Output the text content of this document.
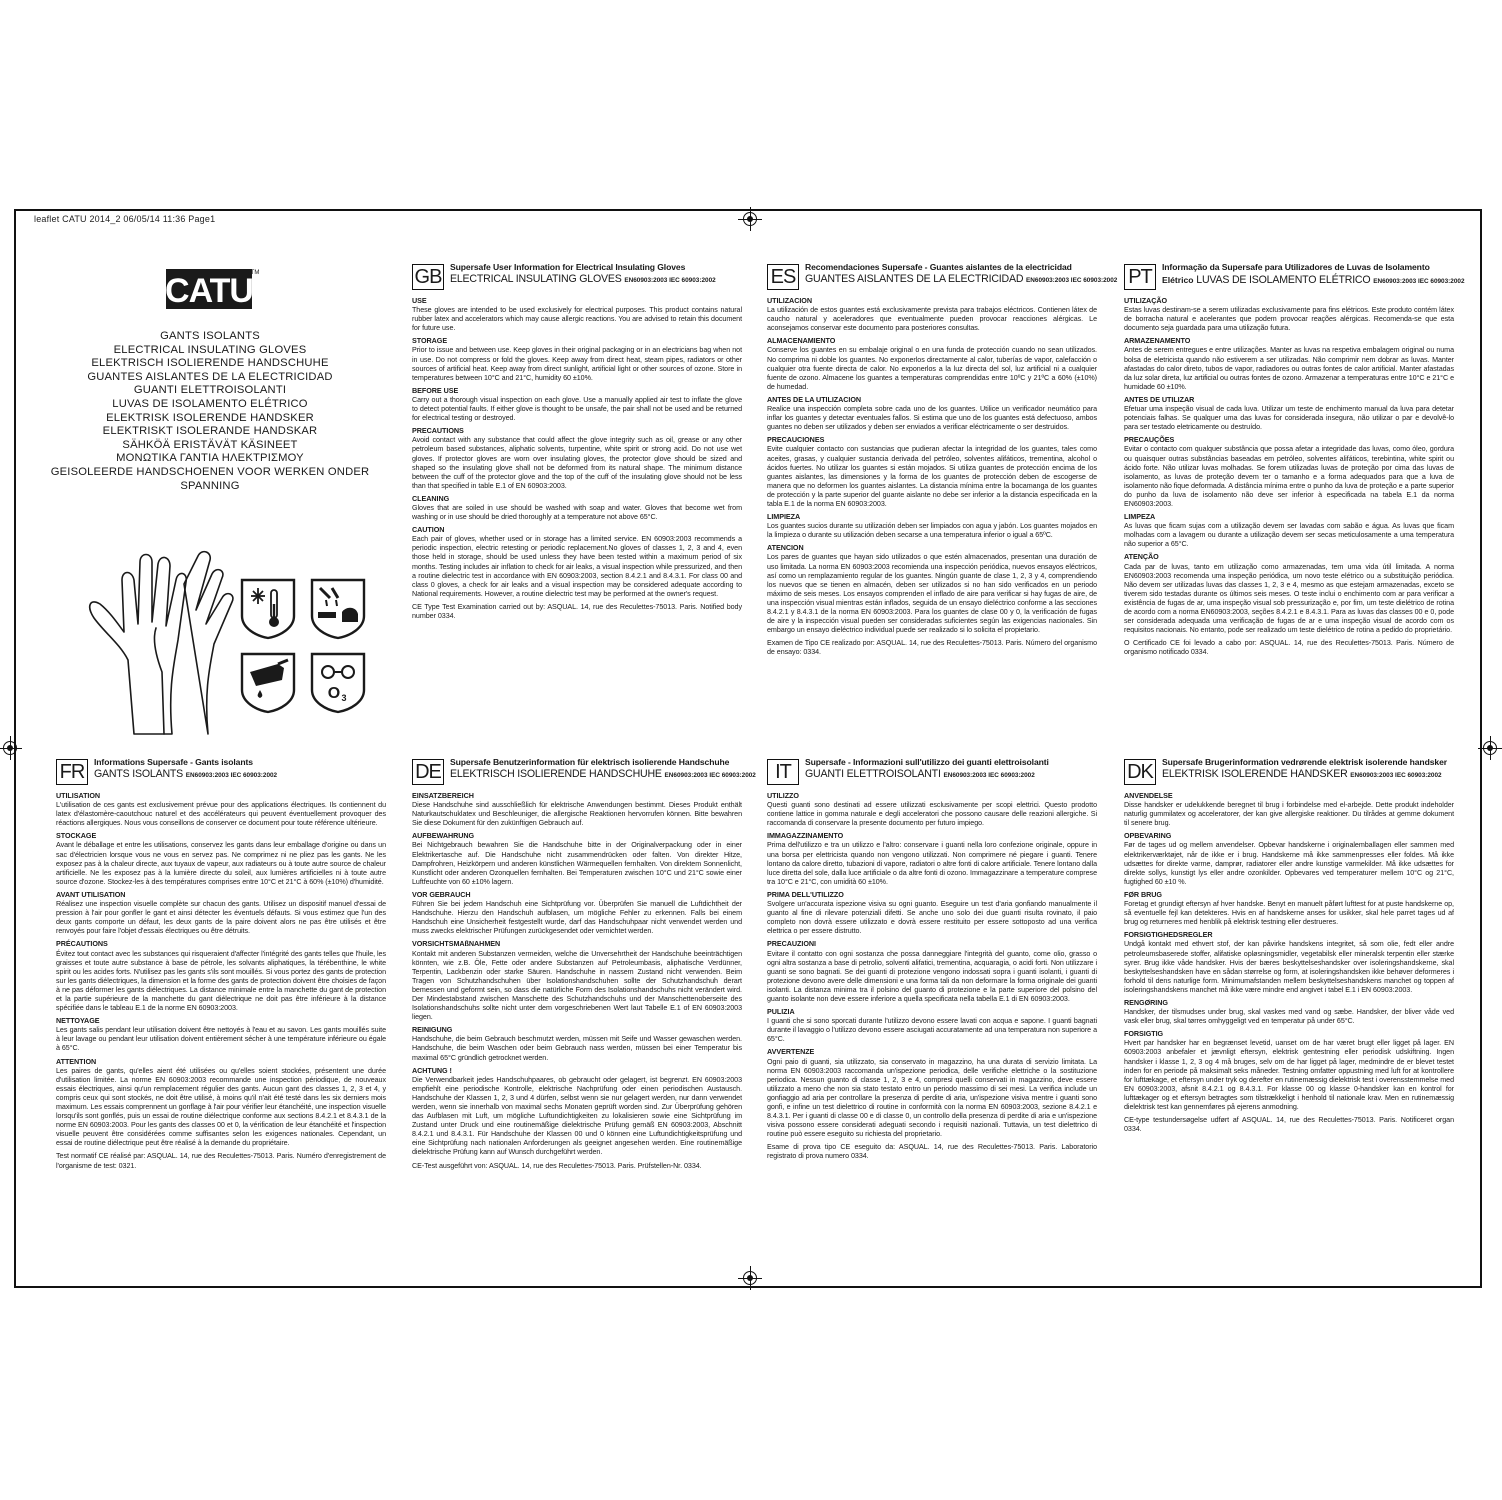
leaflet CATU 2014_2 06/05/14 11:36 Page1
CATU
TM
GANTS ISOLANTS
ELECTRICAL INSULATING GLOVES
ELEKTRISCH ISOLIERENDE HANDSCHUHE
GUANTES AISLANTES DE LA ELECTRICIDAD
GUANTI ELETTROISOLANTI
LUVAS DE ISOLAMENTO ELÉTRICO
ELEKTRISK ISOLERENDE HANDSKER
ELEKTRISKT ISOLERANDE HANDSKAR
SÄHKÖÄ ERISTÄVÄT KÄSINEET
ΜΟΝΩΤΙΚΑ ΓΑΝΤΙΑ ΗΛΕΚΤΡΙΣΜΟΥ
GEISOLEERDE HANDSCHOENEN VOOR WERKEN ONDER
SPANNING
O 3
GB Supersafe User Information for Electrical Insulating Gloves
ELECTRICAL INSULATING GLOVES EN60903:2003 IEC 60903:2002
USE

These gloves are intended to be used exclusively for electrical purposes. This product contains natural rubber latex and accelerators which may cause allergic reactions. You are advised to retain this document for future use.

STORAGE

Prior to issue and between use. Keep gloves in their original packaging or in an electricians bag when not in use. Do not compress or fold the gloves. Keep away from direct heat, steam pipes, radiators or other sources of artificial heat. Keep away from direct sunlight, artificial light or other sources of ozone. Store in temperatures between 10°C and 21°C, humidity 60 ±10%.

BEFORE USE

Carry out a thorough visual inspection on each glove. Use a manually applied air test to inflate the glove to detect potential faults. If either glove is thought to be unsafe, the pair shall not be used and be returned for electrical testing or destroyed.

PRECAUTIONS

Avoid contact with any substance that could affect the glove integrity such as oil, grease or any other petroleum based substances, aliphatic solvents, turpentine, white spirit or strong acid. Do not use wet gloves. If protector gloves are worn over insulating gloves, the protector glove should be sized and shaped so the insulating glove shall not be deformed from its natural shape. The minimum distance between the cuff of the protector glove and the top of the cuff of the insulating glove should not be less than that specified in table E.1 of EN 60903:2003.

CLEANING

Gloves that are soiled in use should be washed with soap and water. Gloves that become wet from washing or in use should be dried thoroughly at a temperature not above 65°C.

CAUTION

Each pair of gloves, whether used or in storage has a limited service. EN 60903:2003 recommends a periodic inspection, electric retesting or periodic replacement.No gloves of classes 1, 2, 3 and 4, even those held in storage, should be used unless they have been tested within a maximum period of six months. Testing includes air inflation to check for air leaks, a visual inspection while pressurized, and then a routine dielectric test in accordance with EN 60903:2003, section 8.4.2.1 and 8.4.3.1. For class 00 and class 0 gloves, a check for air leaks and a visual inspection may be considered adequate according to National requirements. However, a routine dielectric test may be performed at the owner's request.

CE Type Test Examination carried out by: ASQUAL. 14, rue des Reculettes-75013. Paris. Notified body number 0334.

ES	Recomendaciones Supersafe - Guantes aislantes de la electricidad
GUANTES AISLANTES DE LA ELECTRICIDAD EN60903:2003 IEC 60903:2002
UTILIZACION

La utilización de estos guantes está exclusivamente prevista para trabajos eléctricos. Contienen látex de caucho natural y aceleradores que eventualmente pueden provocar reacciones alérgicas. Le aconsejamos conservar este documento para posteriores consultas.

ALMACENAMIENTO

Conserve los guantes en su embalaje original o en una funda de protección cuando no sean utilizados. No comprima ni doble los guantes. No exponerlos directamente al calor, tuberías de vapor, calefacción o cualquier otra fuente directa de calor. No exponerlos a la luz directa del sol, luz artificial ni a cualquier fuente de ozono. Almacene los guantes a temperaturas comprendidas entre 10ºC y 21ºC a 60% (±10%) de humedad.

ANTES DE LA UTILIZACION

Realice una inspección completa sobre cada uno de los guantes. Utilice un verificador neumático para inflar los guantes y detectar eventuales fallos. Si estima que uno de los guantes está defectuoso, ambos guantes no deben ser utilizados y deben ser enviados a verificar eléctricamente o ser destruidos.

PRECAUCIONES

Evite cualquier contacto con sustancias que pudieran afectar la integridad de los guantes, tales como aceites, grasas, y cualquier sustancia derivada del petróleo, solventes alifáticos, trementina, alcohol o ácidos fuertes. No utilizar los guantes si están mojados. Si utiliza guantes de protección encima de los guantes aislantes, las dimensiones y la forma de los guantes de protección deben de escogerse de manera que no deformen los guantes aislantes. La distancia mínima entre la bocamanga de los guantes de protección y la parte superior del guante aislante no debe ser inferior a la distancia especificada en la tabla E.1 de la norma EN 60903:2003.

LIMPIEZA

Los guantes sucios durante su utilización deben ser limpiados con agua y jabón. Los guantes mojados en la limpieza o durante su utilización deben secarse a una temperatura inferior o igual a 65ºC.

ATENCION

Los pares de guantes que hayan sido utilizados o que estén almacenados, presentan una duración de uso limitada. La norma EN 60903:2003 recomienda una inspección periódica, nuevos ensayos eléctricos, así como un remplazamiento regular de los guantes. Ningún guante de clase 1, 2, 3 y 4, comprendiendo los nuevos que se tienen en almacén, deben ser utilizados si no han sido verificados en un periodo máximo de seis meses. Los ensayos comprenden el inflado de aire para verificar si hay fugas de aire, de una inspección visual mientras están inflados, seguida de un ensayo dieléctrico conforme a las secciones 8.4.2.1 y 8.4.3.1 de la norma EN 60903:2003. Para los guantes de clase 00 y 0, la verificación de fugas de aire y la inspección visual pueden ser consideradas suficientes según las exigencias nacionales. Sin embargo un ensayo dieléctrico individual puede ser realizado si lo solicita el propietario.

Examen de Tipo CE realizado por: ASQUAL. 14, rue des Reculettes-75013. Paris. Número del organismo de ensayo: 0334.

PT	Informação da Supersafe para Utilizadores de Luvas de Isolamento
Elétrico LUVAS DE ISOLAMENTO ELÉTRICO EN60903:2003 IEC 60903:2002
UTILIZAÇÃO

Estas luvas destinam-se a serem utilizadas exclusivamente para fins elétricos. Este produto contém látex de borracha natural e acelerantes que podem provocar reações alérgicas. Recomenda-se que esta documento seja guardada para uma utilização futura.

ARMAZENAMENTO

Antes de serem entregues e entre utilizações. Manter as luvas na respetiva embalagem original ou numa bolsa de eletricista quando não estiverem a ser utilizadas. Não comprimir nem dobrar as luvas. Manter afastadas do calor direto, tubos de vapor, radiadores ou outras fontes de calor artificial. Manter afastadas da luz solar direta, luz artificial ou outras fontes de ozono. Armazenar a temperaturas entre 10°C e 21°C e humidade 60 ±10%.

ANTES DE UTILIZAR

Efetuar uma inspeção visual de cada luva. Utilizar um teste de enchimento manual da luva para detetar potenciais falhas. Se qualquer uma das luvas for considerada insegura, não utilizar o par e devolvê-lo para ser testado eletricamente ou destruído.

PRECAUÇÕES

Evitar o contacto com qualquer substância que possa afetar a integridade das luvas, como óleo, gordura ou quaisquer outras substâncias baseadas em petróleo, solventes alifáticos, terebintina, white spirit ou ácido forte. Não utilizar luvas molhadas. Se forem utilizadas luvas de proteção por cima das luvas de isolamento, as luvas de proteção devem ter o tamanho e a forma adequados para que a luva de isolamento não fique deformada. A distância mínima entre o punho da luva de proteção e a parte superior do punho da luva de isolamento não deve ser inferior à especificada na tabela E.1 da norma EN60903:2003.

LIMPEZA

As luvas que ficam sujas com a utilização devem ser lavadas com sabão e água. As luvas que ficam molhadas com a lavagem ou durante a utilização devem ser secas meticulosamente a uma temperatura não superior a 65°C.

ATENÇÃO

Cada par de luvas, tanto em utilização como armazenadas, tem uma vida útil limitada. A norma EN60903:2003 recomenda uma inspeção periódica, um novo teste elétrico ou a substituição periódica. Não devem ser utilizadas luvas das classes 1, 2, 3 e 4, mesmo as que estejam armazenadas, exceto se tiverem sido testadas durante os últimos seis meses. O teste inclui o enchimento com ar para verificar a existência de fugas de ar, uma inspeção visual sob pressurização e, por fim, um teste dielétrico de rotina de acordo com a norma EN60903:2003, seções 8.4.2.1 e 8.4.3.1. Para as luvas das classes 00 e 0, pode ser considerada adequada uma verificação de fugas de ar e uma inspeção visual de acordo com os requisitos nacionais. No entanto, pode ser realizado um teste dielétrico de rotina a pedido do proprietário.

O Certificado CE foi levado a cabo por: ASQUAL. 14, rue des Reculettes-75013. Paris. Número de organismo notificado 0334.

FR	Informations Supersafe - Gants isolants
GANTS ISOLANTS EN60903:2003 IEC 60903:2002
UTILISATION

L'utilisation de ces gants est exclusivement prévue pour des applications électriques. Ils contiennent du latex d'élastomère-caoutchouc naturel et des accélérateurs qui peuvent éventuellement provoquer des réactions allergiques. Nous vous conseillons de conserver ce document pour toute référence ultérieure.

STOCKAGE

Avant le déballage et entre les utilisations, conservez les gants dans leur emballage d'origine ou dans un sac d'électricien lorsque vous ne vous en servez pas. Ne comprimez ni ne pliez pas les gants. Ne les exposez pas à la chaleur directe, aux tuyaux de vapeur, aux radiateurs ou à toute autre source de chaleur artificielle. Ne les exposez pas à la lumière directe du soleil, aux lumières artificielles ni à toute autre source d'ozone. Stockez-les à des températures comprises entre 10°C et 21°C à 60% (±10%) d'humidité.

AVANT UTILISATION

Réalisez une inspection visuelle complète sur chacun des gants. Utilisez un dispositif manuel d'essai de pression à l'air pour gonfler le gant et ainsi détecter les éventuels défauts. Si vous estimez que l'un des deux gants comporte un défaut, les deux gants de la paire doivent alors ne pas être utilisés et être renvoyés pour faire l'objet d'essais électriques ou être détruits.

PRÉCAUTIONS

Évitez tout contact avec les substances qui risqueraient d'affecter l'intégrité des gants telles que l'huile, les graisses et toute autre substance à base de pétrole, les solvants aliphatiques, la térébenthine, le white spirit ou les acides forts. N'utilisez pas les gants s'ils sont mouillés. Si vous portez des gants de protection sur les gants diélectriques, la dimension et la forme des gants de protection doivent être choisies de façon à ne pas déformer les gants diélectriques. La distance minimale entre la manchette du gant de protection et la partie supérieure de la manchette du gant diélectrique ne doit pas être inférieure à la distance spécifiée dans le tableau E.1 de la norme EN 60903:2003.

NETTOYAGE

Les gants salis pendant leur utilisation doivent être nettoyés à l'eau et au savon. Les gants mouillés suite à leur lavage ou pendant leur utilisation doivent entièrement sécher à une température inférieure ou égale à 65°C.

ATTENTION

Les paires de gants, qu'elles aient été utilisées ou qu'elles soient stockées, présentent une durée d'utilisation limitée. La norme EN 60903:2003 recommande une inspection périodique, de nouveaux essais électriques, ainsi qu'un remplacement régulier des gants. Aucun gant des classes 1, 2, 3 et 4, y compris ceux qui sont stockés, ne doit être utilisé, à moins qu'il n'ait été testé dans les six derniers mois maximum. Les essais comprennent un gonflage à l'air pour vérifier leur étanchéité, une inspection visuelle lorsqu'ils sont gonflés, puis un essai de routine diélectrique conforme aux sections 8.4.2.1 et 8.4.3.1 de la norme EN 60903:2003. Pour les gants des classes 00 et 0, la vérification de leur étanchéité et l'inspection visuelle peuvent être considérées comme suffisantes selon les exigences nationales. Cependant, un essai de routine diélectrique peut être réalisé à la demande du propriétaire.

Test normatif CE réalisé par: ASQUAL. 14, rue des Reculettes-75013. Paris. Numéro d'enregistrement de l'organisme de test: 0321.

DE	Supersafe Benutzerinformation für elektrisch isolierende Handschuhe
ELEKTRISCH ISOLIERENDE HANDSCHUHE EN60903:2003 IEC 60903:2002
EINSATZBEREICH

Diese Handschuhe sind ausschließlich für elektrische Anwendungen bestimmt. Dieses Produkt enthält Naturkautschuklatex und Beschleuniger, die allergische Reaktionen hervorrufen können. Bitte bewahren Sie diese Dokument für den zukünftigen Gebrauch auf.

AUFBEWAHRUNG

Bei Nichtgebrauch bewahren Sie die Handschuhe bitte in der Originalverpackung oder in einer Elektrikertasche auf. Die Handschuhe nicht zusammendrücken oder falten. Von direkter Hitze, Dampfrohren, Heizkörpern und anderen künstlichen Wärmequellen fernhalten. Von direktem Sonnenlicht, Kunstlicht oder anderen Ozonquellen fernhalten. Bei Temperaturen zwischen 10°C und 21°C sowie einer Luftfeuchte von 60 ±10% lagern.

VOR GEBRAUCH

Führen Sie bei jedem Handschuh eine Sichtprüfung vor. Überprüfen Sie manuell die Luftdichtheit der Handschuhe. Hierzu den Handschuh aufblasen, um mögliche Fehler zu erkennen. Falls bei einem Handschuh eine Unsicherheit festgestellt wurde, darf das Handschuhpaar nicht verwendet werden und muss zwecks elektrischer Prüfungen zurückgesendet oder vernichtet werden.

VORSICHTSMAßNAHMEN

Kontakt mit anderen Substanzen vermeiden, welche die Unversehrtheit der Handschuhe beeinträchtigen könnten, wie z.B. Öle, Fette oder andere Substanzen auf Petroleumbasis, aliphatische Verdünner, Terpentin, Lackbenzin oder starke Säuren. Handschuhe in nassem Zustand nicht verwenden. Beim Tragen von Schutzhandschuhen über Isolationshandschuhen sollte der Schutzhandschuh derart bemessen und geformt sein, so dass die natürliche Form des Isolationshandschuhs nicht verändert wird. Der Mindestabstand zwischen Manschette des Schutzhandschuhs und der Manschettenoberseite des Isolationshandschuhs sollte nicht unter dem vorgeschriebenen Wert laut Tabelle E.1 of EN 60903:2003 liegen.

REINIGUNG

Handschuhe, die beim Gebrauch beschmutzt werden, müssen mit Seife und Wasser gewaschen werden. Handschuhe, die beim Waschen oder beim Gebrauch nass werden, müssen bei einer Temperatur bis maximal 65°C gründlich getrocknet werden.

ACHTUNG !

Die Verwendbarkeit jedes Handschuhpaares, ob gebraucht oder gelagert, ist begrenzt. EN 60903:2003 empfiehlt eine periodische Kontrolle, elektrische Nachprüfung oder einen periodischen Austausch. Handschuhe der Klassen 1, 2, 3 und 4 dürfen, selbst wenn sie nur gelagert werden, nur dann verwendet werden, wenn sie innerhalb von maximal sechs Monaten geprüft worden sind. Zur Überprüfung gehören das Aufblasen mit Luft, um mögliche Luftundichtigkeiten zu lokalisieren sowie eine Sichtprüfung im Zustand unter Druck und eine routinemäßige dielektrische Prüfung gemäß EN 60903:2003, Abschnitt 8.4.2.1 und 8.4.3.1. Für Handschuhe der Klassen 00 und 0 können eine Luftundichtigkeitsprüfung und eine Sichtprüfung nach nationalen Anforderungen als geeignet angesehen werden. Eine routinemäßige dielektrische Prüfung kann auf Wunsch durchgeführt werden.

CE-Test ausgeführt von: ASQUAL. 14, rue des Reculettes-75013. Paris. Prüfstellen-Nr. 0334.

IT	Supersafe - Informazioni sull'utilizzo dei guanti elettroisolanti
GUANTI ELETTROISOLANTI EN60903:2003 IEC 60903:2002
UTILIZZO

Questi guanti sono destinati ad essere utilizzati esclusivamente per scopi elettrici. Questo prodotto contiene lattice in gomma naturale e degli acceleratori che possono causare delle reazioni allergiche. Si raccomanda di conservare la presente documento per futuro impiego.

IMMAGAZZINAMENTO

Prima dell'utilizzo e tra un utilizzo e l'altro: conservare i guanti nella loro confezione originale, oppure in una borsa per elettricista quando non vengono utilizzati. Non comprimere né piegare i guanti. Tenere lontano da calore diretto, tubazioni di vapore, radiatori o altre fonti di calore artificiale. Tenere lontano dalla luce diretta del sole, dalla luce artificiale o da altre fonti di ozono. Immagazzinare a temperature comprese tra 10°C e 21°C, con umidità 60 ±10%.

PRIMA DELL'UTILIZZO

Svolgere un'accurata ispezione visiva su ogni guanto. Eseguire un test d'aria gonfiando manualmente il guanto al fine di rilevare potenziali difetti. Se anche uno solo dei due guanti risulta rovinato, il paio completo non dovrà essere utilizzato e dovrà essere restituito per essere sottoposto ad una verifica elettrica o per essere distrutto.

PRECAUZIONI

Evitare il contatto con ogni sostanza che possa danneggiare l'integrità del guanto, come olio, grasso o ogni altra sostanza a base di petrolio, solventi alifatici, trementina, acquaragia, o acidi forti. Non utilizzare i guanti se sono bagnati. Se dei guanti di protezione vengono indossati sopra i guanti isolanti, i guanti di protezione devono avere delle dimensioni e una forma tali da non deformare la forma originale dei guanti isolanti. La distanza minima tra il polsino del guanto di protezione e la parte superiore del polsino del guanto isolante non deve essere inferiore a quella specificata nella tabella E.1 di EN 60903:2003.

PULIZIA

I guanti che si sono sporcati durante l'utilizzo devono essere lavati con acqua e sapone. I guanti bagnati durante il lavaggio o l'utilizzo devono essere asciugati accuratamente ad una temperatura non superiore a 65°C.

AVVERTENZE

Ogni paio di guanti, sia utilizzato, sia conservato in magazzino, ha una durata di servizio limitata. La norma EN 60903:2003 raccomanda un'ispezione periodica, delle verifiche elettriche o la sostituzione periodica. Nessun guanto di classe 1, 2, 3 e 4, compresi quelli conservati in magazzino, deve essere utilizzato a meno che non sia stato testato entro un periodo massimo di sei mesi. La verifica include un gonfiaggio ad aria per controllare la presenza di perdite di aria, un'ispezione visiva mentre i guanti sono gonfi, e infine un test dielettrico di routine in conformità con la norma EN 60903:2003, sezione 8.4.2.1 e 8.4.3.1. Per i guanti di classe 00 e di classe 0, un controllo della presenza di perdite di aria e un'ispezione visiva possono essere considerati adeguati secondo i requisiti nazionali. Tuttavia, un test dielettrico di routine può essere eseguito su richiesta del proprietario.

Esame di prova tipo CE eseguito da: ASQUAL. 14, rue des Reculettes-75013. Paris. Laboratorio registrato di prova numero 0334.

DK	Supersafe Brugerinformation vedrørende elektrisk isolerende handsker
ELEKTRISK ISOLERENDE HANDSKER EN60903:2003 IEC 60903:2002
ANVENDELSE

Disse handsker er udelukkende beregnet til brug i forbindelse med el-arbejde. Dette produkt indeholder naturlig gummilatex og acceleratorer, der kan give allergiske reaktioner. Du tilrådes at gemme dokument til senere brug.

OPBEVARING

Før de tages ud og mellem anvendelser. Opbevar handskerne i originalemballagen eller sammen med elektrikerværktøjet, når de ikke er i brug. Handskerne må ikke sammenpresses eller foldes. Må ikke udsættes for direkte varme, damprør, radiatorer eller andre kunstige varmekilder. Må ikke udsættes for direkte sollys, kunstigt lys eller andre ozonkilder. Opbevares ved temperaturer mellem 10°C og 21°C, fugtighed 60 ±10 %.

FØR BRUG

Foretag et grundigt eftersyn af hver handske. Benyt en manuelt påført lufttest for at puste handskerne op, så eventuelle fejl kan detekteres. Hvis en af handskerne anses for usikker, skal hele parret tages ud af brug og returneres med henblik på elektrisk testning eller destrueres.

FORSIGTIGHEDSREGLER

Undgå kontakt med ethvert stof, der kan påvirke handskens integritet, så som olie, fedt eller andre petroleumsbaserede stoffer, alifatiske opløsningsmidler, vegetabilsk eller mineralsk terpentin eller stærke syrer. Brug ikke våde handsker. Hvis der bæres beskyttelseshandsker over isoleringshandskerne, skal beskyttelseshandsken have en sådan størrelse og form, at isoleringshandsken ikke behøver deformeres i forhold til dens naturlige form. Minimumafstanden mellem beskyttelseshandskens manchet og toppen af isoleringshandskens manchet må ikke være mindre end angivet i tabel E.1 i EN 60903:2003.

RENGØRING

Handsker, der tilsmudses under brug, skal vaskes med vand og sæbe. Handsker, der bliver våde ved vask eller brug, skal tørres omhyggeligt ved en temperatur på under 65°C.

FORSIGTIG

Hvert par handsker har en begrænset levetid, uanset om de har været brugt eller ligget på lager. EN 60903:2003 anbefaler et jævnligt eftersyn, elektrisk gentestning eller periodisk udskiftning. Ingen handsker i klasse 1, 2, 3 og 4 må bruges, selv om de har ligget på lager, medmindre de er blevet testet inden for en periode på maksimalt seks måneder. Testning omfatter oppustning med luft for at kontrollere for lufttækage, et eftersyn under tryk og derefter en rutinemæssig dielektrisk test i overensstemmelse med EN 60903:2003, afsnit 8.4.2.1 og 8.4.3.1. For klasse 00 og klasse 0-handsker kan en kontrol for lufttækager og et eftersyn betragtes som tilstrækkeligt i henhold til nationale krav. Men en rutinemæssig dielektrisk test kan gennemføres på ejerens anmodning.

CE-type testundersøgelse udført af ASQUAL. 14, rue des Reculettes-75013. Paris. Notificeret organ 0334.
